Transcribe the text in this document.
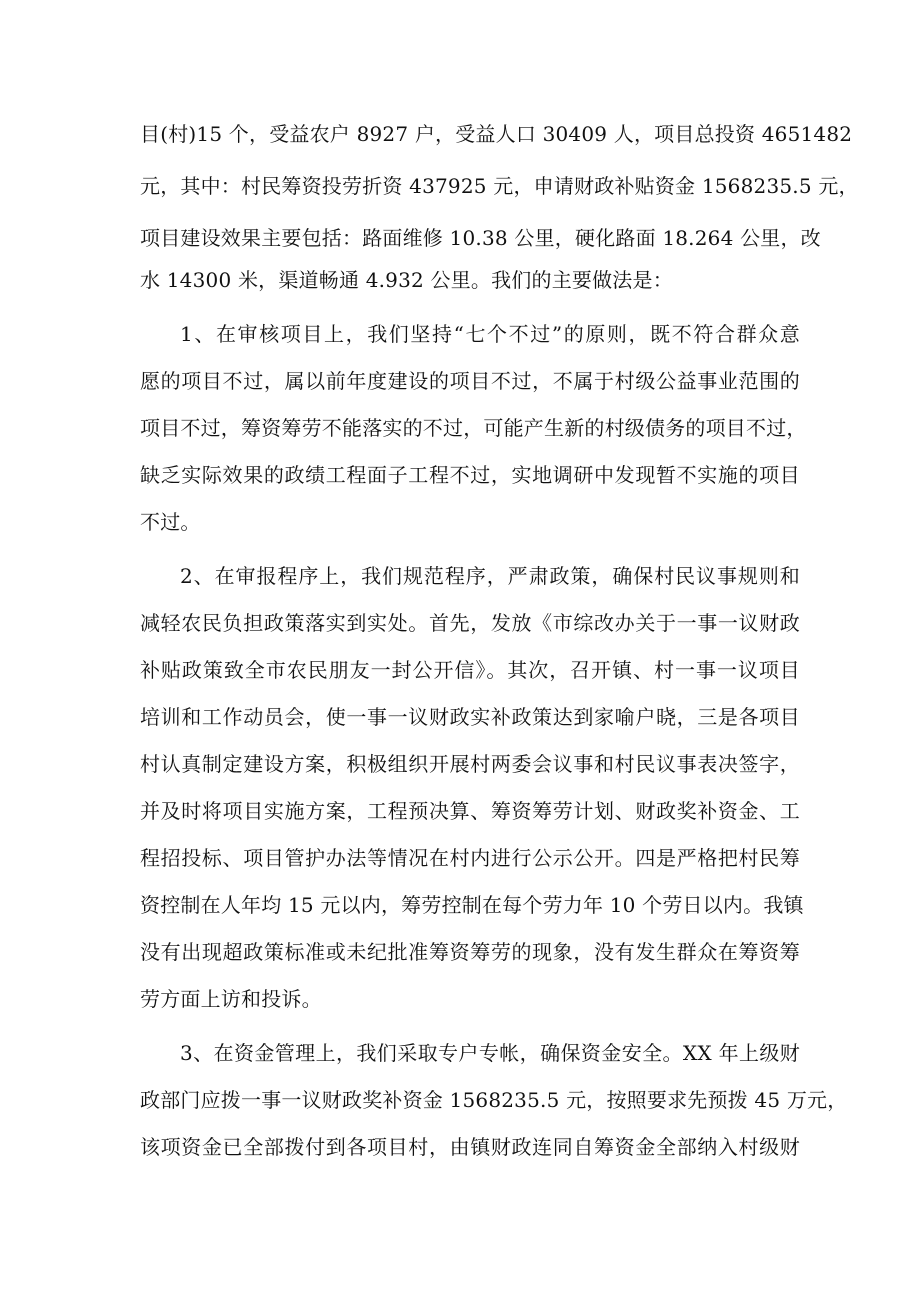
目(村)15 个，受益农户 8927 户，受益人口 30409 人，项目总投资 4651482
元，其中：村民筹资投劳折资 437925 元，申请财政补贴资金 1568235.5 元，
项目建设效果主要包括：路面维修 10.38 公里，硬化路面 18.264 公里，改
水 14300 米，渠道畅通 4.932 公里。我们的主要做法是：
1、在审核项目上，我们坚持“七个不过”的原则，既不符合群众意
愿的项目不过，属以前年度建设的项目不过，不属于村级公益事业范围的
项目不过，筹资筹劳不能落实的不过，可能产生新的村级债务的项目不过，
缺乏实际效果的政绩工程面子工程不过，实地调研中发现暂不实施的项目
不过。
2、在审报程序上，我们规范程序，严肃政策，确保村民议事规则和
减轻农民负担政策落实到实处。首先，发放《市综改办关于一事一议财政
补贴政策致全市农民朋友一封公开信》。其次，召开镇、村一事一议项目
培训和工作动员会，使一事一议财政实补政策达到家喻户晓，三是各项目
村认真制定建设方案，积极组织开展村两委会议事和村民议事表决签字，
并及时将项目实施方案，工程预决算、筹资筹劳计划、财政奖补资金、工
程招投标、项目管护办法等情况在村内进行公示公开。四是严格把村民筹
资控制在人年均 15 元以内，筹劳控制在每个劳力年 10 个劳日以内。我镇
没有出现超政策标准或未纪批准筹资筹劳的现象，没有发生群众在筹资筹
劳方面上访和投诉。
3、在资金管理上，我们采取专户专帐，确保资金安全。XX 年上级财
政部门应拨一事一议财政奖补资金 1568235.5 元，按照要求先预拨 45 万元，
该项资金已全部拨付到各项目村，由镇财政连同自筹资金全部纳入村级财
